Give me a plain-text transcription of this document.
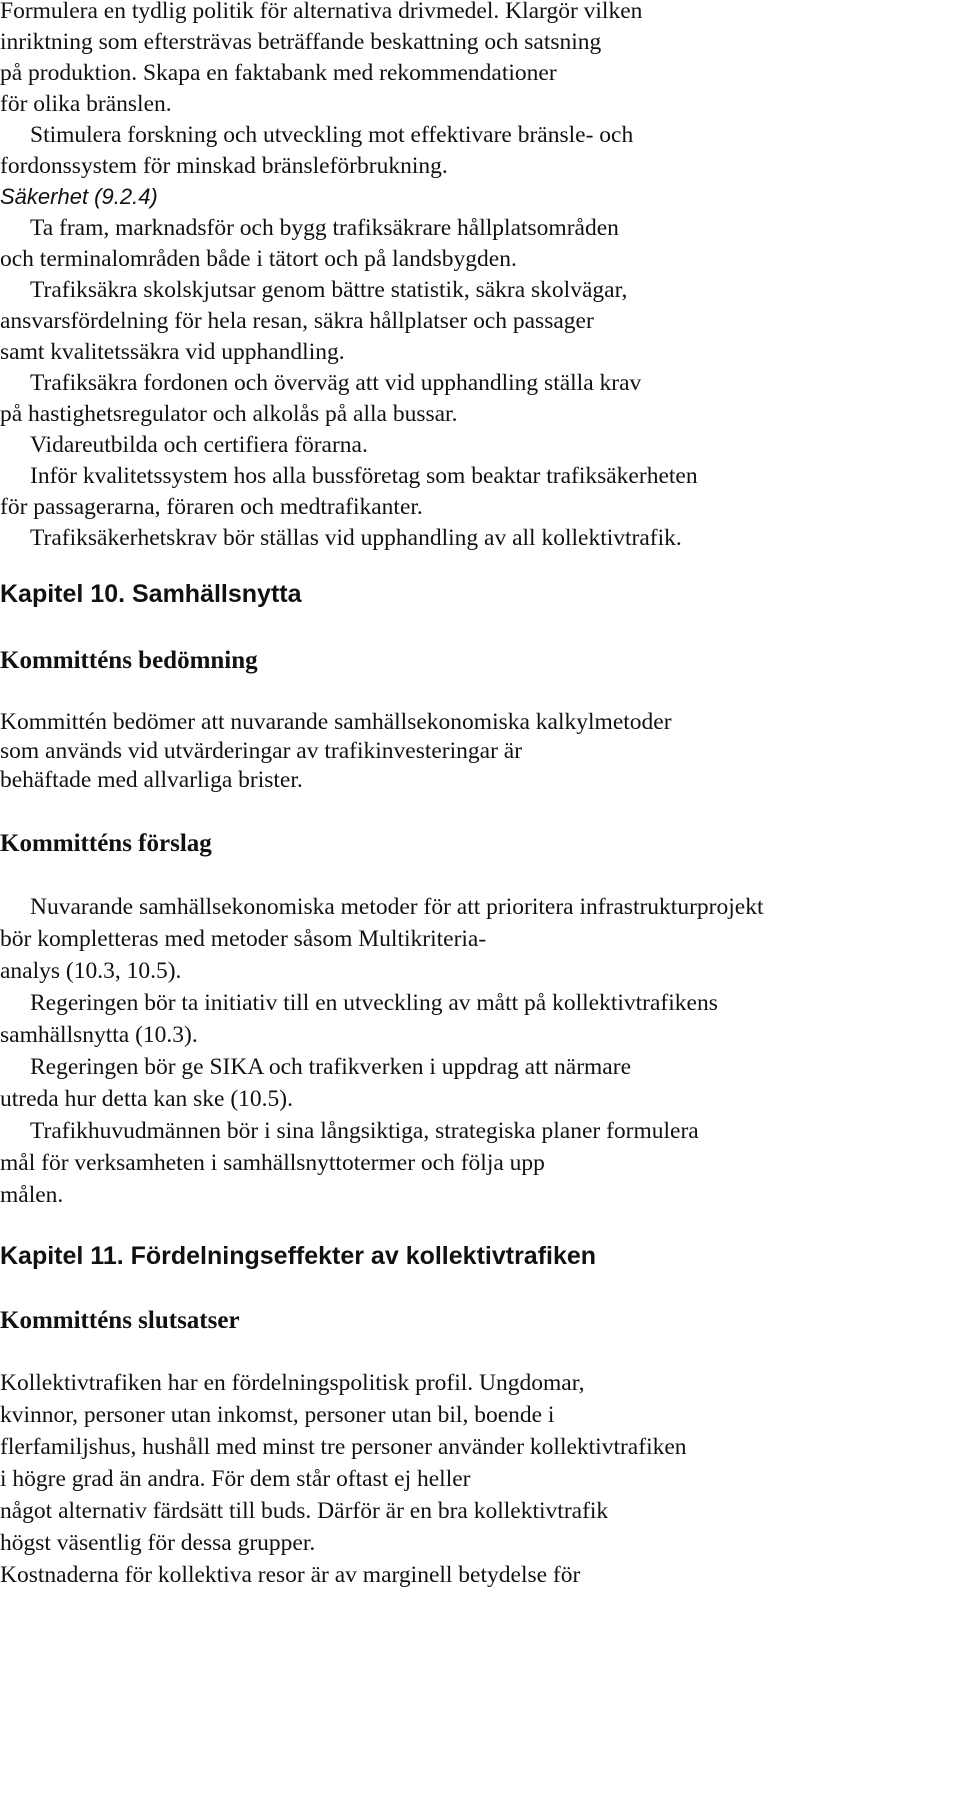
Formulera en tydlig politik för alternativa drivmedel. Klargör vilken
inriktning som eftersträvas beträffande beskattning och satsning
på produktion. Skapa en faktabank med rekommendationer
för olika bränslen.
Stimulera forskning och utveckling mot effektivare bränsle- och
fordonssystem för minskad bränsleförbrukning.
Säkerhet (9.2.4)
Ta fram, marknadsför och bygg trafiksäkrare hållplatsområden
och terminalområden både i tätort och på landsbygden.
Trafiksäkra skolskjutsar genom bättre statistik, säkra skolvägar,
ansvarsfördelning för hela resan, säkra hållplatser och passager
samt kvalitetssäkra vid upphandling.
Trafiksäkra fordonen och överväg att vid upphandling ställa krav
på hastighetsregulator och alkolås på alla bussar.
Vidareutbilda och certifiera förarna.
Inför kvalitetssystem hos alla bussföretag som beaktar trafiksäkerheten
för passagerarna, föraren och medtrafikanter.
Trafiksäkerhetskrav bör ställas vid upphandling av all kollektivtrafik.
Kapitel 10. Samhällsnytta
Kommitténs bedömning
Kommittén bedömer att nuvarande samhällsekonomiska kalkylmetoder
som används vid utvärderingar av trafikinvesteringar är
behäftade med allvarliga brister.
Kommitténs förslag
Nuvarande samhällsekonomiska metoder för att prioritera infrastrukturprojekt
bör kompletteras med metoder såsom Multikriteria-
analys (10.3, 10.5).
Regeringen bör ta initiativ till en utveckling av mått på kollektivtrafikens
samhällsnytta (10.3).
Regeringen bör ge SIKA och trafikverken i uppdrag att närmare
utreda hur detta kan ske (10.5).
Trafikhuvudmännen bör i sina långsiktiga, strategiska planer formulera
mål för verksamheten i samhällsnyttotermer och följa upp
målen.
Kapitel 11. Fördelningseffekter av kollektivtrafiken
Kommitténs slutsatser
Kollektivtrafiken har en fördelningspolitisk profil. Ungdomar,
kvinnor, personer utan inkomst, personer utan bil, boende i
flerfamiljshus, hushåll med minst tre personer använder kollektivtrafiken
i högre grad än andra. För dem står oftast ej heller
något alternativ färdsätt till buds. Därför är en bra kollektivtrafik
högst väsentlig för dessa grupper.
Kostnaderna för kollektiva resor är av marginell betydelse för
